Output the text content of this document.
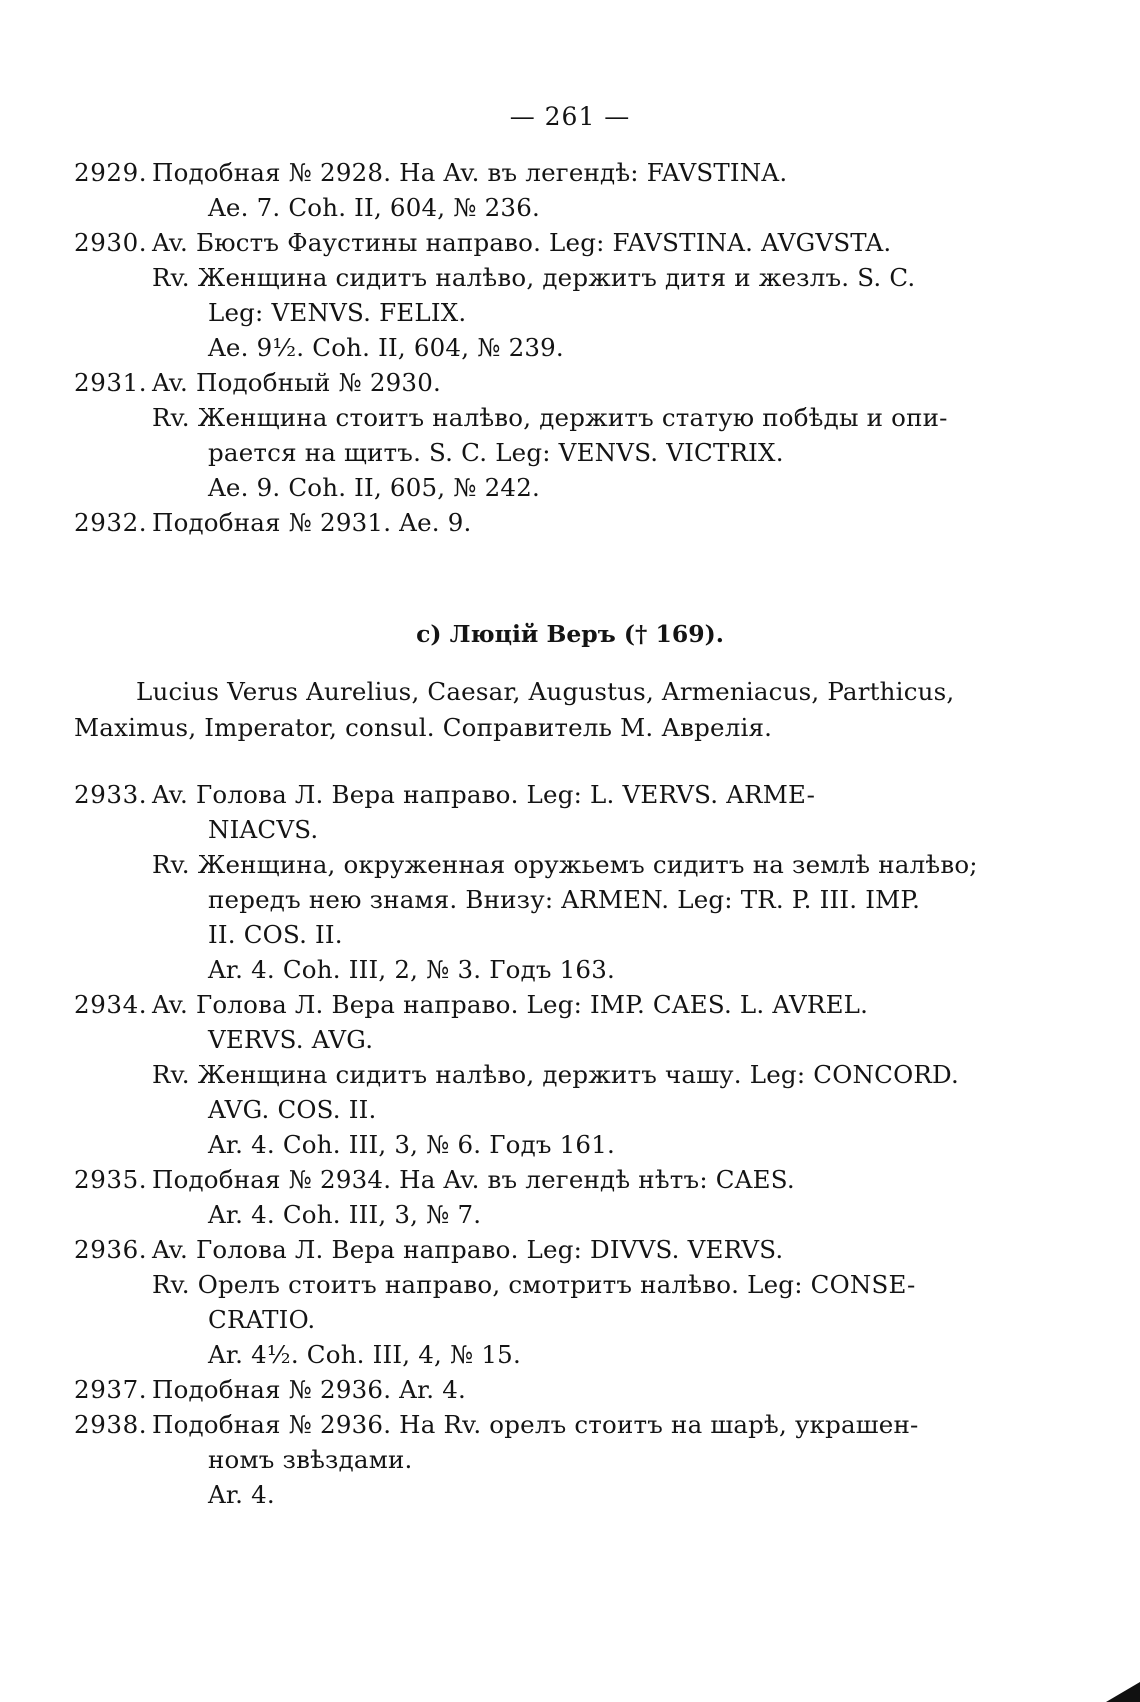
— 261 —
2929. Подобная № 2928. На Av. въ легендѣ: FAVSTINA.
Ae. 7. Coh. II, 604, № 236.
2930. Av. Бюстъ Фаустины направо. Leg: FAVSTINA. AVGVSTA.
Rv. Женщина сидитъ налѣво, держитъ дитя и жезлъ. S. C.
Leg: VENVS. FELIX.
Ae. 9½. Coh. II, 604, № 239.
2931. Av. Подобный № 2930.
Rv. Женщина стоитъ налѣво, держитъ статую побѣды и опи-
рается на щитъ. S. C. Leg: VENVS. VICTRIX.
Ae. 9. Coh. II, 605, № 242.
2932. Подобная № 2931. Ae. 9.
c) Люцій Веръ († 169).
Lucius Verus Aurelius, Caesar, Augustus, Armeniacus, Parthicus,
Maximus, Imperator, consul. Соправитель М. Аврелія.
2933. Av. Голова Л. Вера направо. Leg: L. VERVS. ARME-
NIACVS.
Rv. Женщина, окруженная оружьемъ сидитъ на землѣ налѣво;
передъ нею знамя. Внизу: ARMEN. Leg: TR. P. III. IMP.
II. COS. II.
Ar. 4. Coh. III, 2, № 3. Годъ 163.
2934. Av. Голова Л. Вера направо. Leg: IMP. CAES. L. AVREL.
VERVS. AVG.
Rv. Женщина сидитъ налѣво, держитъ чашу. Leg: CONCORD.
AVG. COS. II.
Ar. 4. Coh. III, 3, № 6. Годъ 161.
2935. Подобная № 2934. На Av. въ легендѣ нѣтъ: CAES.
Ar. 4. Coh. III, 3, № 7.
2936. Av. Голова Л. Вера направо. Leg: DIVVS. VERVS.
Rv. Орелъ стоитъ направо, смотритъ налѣво. Leg: CONSE-
CRATIO.
Ar. 4½. Coh. III, 4, № 15.
2937. Подобная № 2936. Ar. 4.
2938. Подобная № 2936. На Rv. орелъ стоитъ на шарѣ, украшен-
номъ звѣздами.
Ar. 4.
